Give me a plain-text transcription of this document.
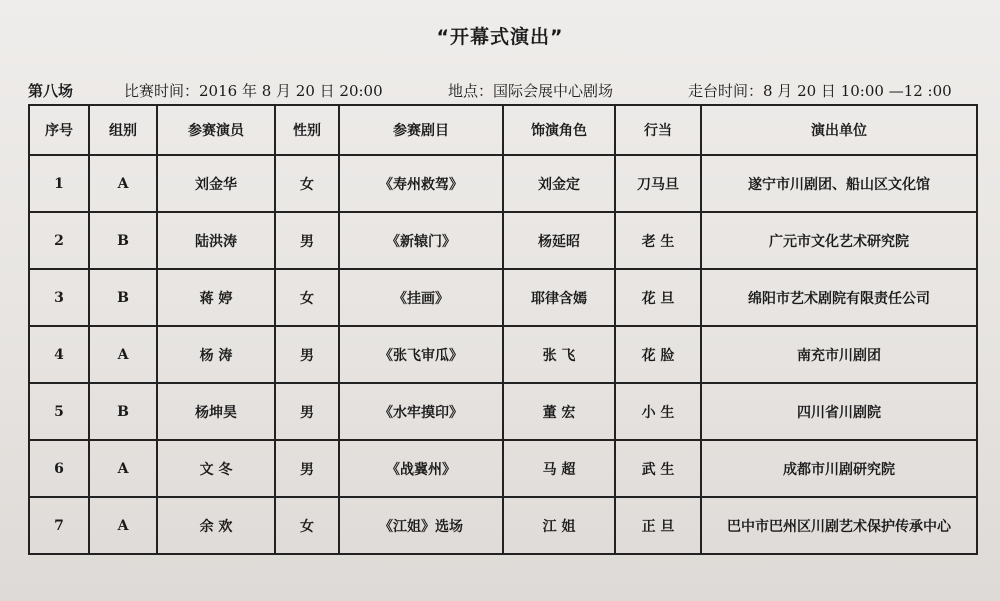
“开幕式演出”
第八场	比赛时间：2016 年 8 月 20 日 20:00	地点：国际会展中心剧场	走台时间：8 月 20 日 10:00 —12 :00
序号	组别	参赛演员	性别	参赛剧目	饰演角色	行当	演出单位
1	A	刘金华	女	《寿州救驾》	刘金定	刀马旦	遂宁市川剧团、船山区文化馆
2	B	陆洪涛	男	《新辕门》	杨延昭	老 生	广元市文化艺术研究院
3	B	蒋 婷	女	《挂画》	耶律含嫣	花 旦	绵阳市艺术剧院有限责任公司
4	A	杨 涛	男	《张飞审瓜》	张 飞	花 脸	南充市川剧团
5	B	杨坤昊	男	《水牢摸印》	董 宏	小 生	四川省川剧院
6	A	文 冬	男	《战冀州》	马 超	武 生	成都市川剧研究院
7	A	余 欢	女	《江姐》选场	江 姐	正 旦	巴中市巴州区川剧艺术保护传承中心
